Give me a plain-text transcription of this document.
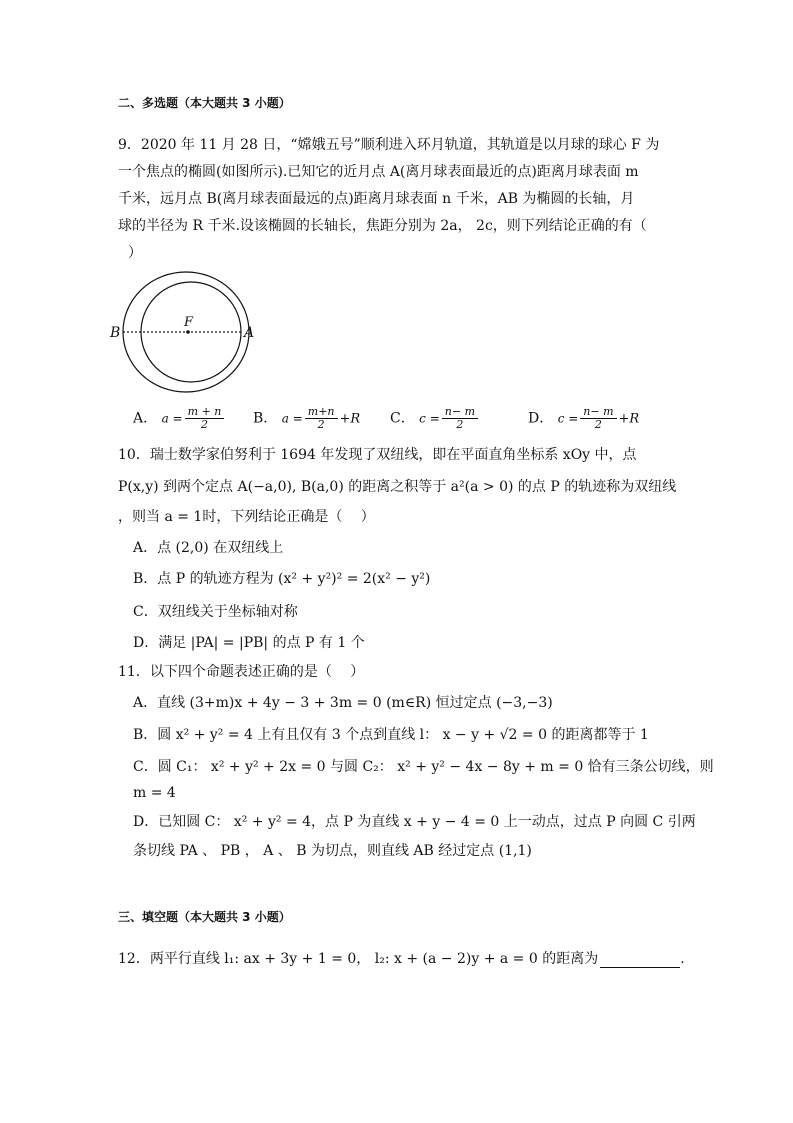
二、多选题（本大题共 3 小题）
9．2020 年 11 月 28 日，“嫦娥五号”顺利进入环月轨道，其轨道是以月球的球心 F 为
一个焦点的椭圆(如图所示).已知它的近月点 A(离月球表面最近的点)距离月球表面 m
千米，远月点 B(离月球表面最远的点)距离月球表面 n 千米，AB 为椭圆的长轴，月
球的半径为 R 千米.设该椭圆的长轴长，焦距分别为 2a， 2c，则下列结论正确的有（
）
B
F
A
A． $a = \frac{m + n}{2}$ B． $a = \frac{m+n}{2} +R$ C． $c = \frac{n- m}{2}$	D． $c = \frac{n- m}{2} +R$
10．瑞士数学家伯努利于 1694 年发现了双纽线，即在平面直角坐标系 xOy 中，点
P(x,y) 到两个定点 A(−a,0), B(a,0) 的距离之积等于 a²(a > 0) 的点 P 的轨迹称为双纽线
，则当 a = 1时，下列结论正确是（　 ）
A．点 (2,0) 在双纽线上
B．点 P 的轨迹方程为 (x² + y²)² = 2(x² − y²)
C．双纽线关于坐标轴对称
D．满足 |PA| = |PB| 的点 P 有 1 个
11．以下四个命题表述正确的是（　 ）
A．直线 (3+m)x + 4y − 3 + 3m = 0 (m∈R) 恒过定点 (−3,−3)
B．圆 x² + y² = 4 上有且仅有 3 个点到直线 l： x − y + √2 = 0 的距离都等于 1
C．圆 C₁： x² + y² + 2x = 0 与圆 C₂： x² + y² − 4x − 8y + m = 0 恰有三条公切线，则
m = 4
D．已知圆 C： x² + y² = 4，点 P 为直线 x + y − 4 = 0 上一动点，过点 P 向圆 C 引两
条切线 PA 、 PB ， A 、 B 为切点，则直线 AB 经过定点 (1,1)
三、填空题（本大题共 3 小题）
12．两平行直线 l₁: ax + 3y + 1 = 0， l₂: x + (a − 2)y + a = 0 的距离为	.
